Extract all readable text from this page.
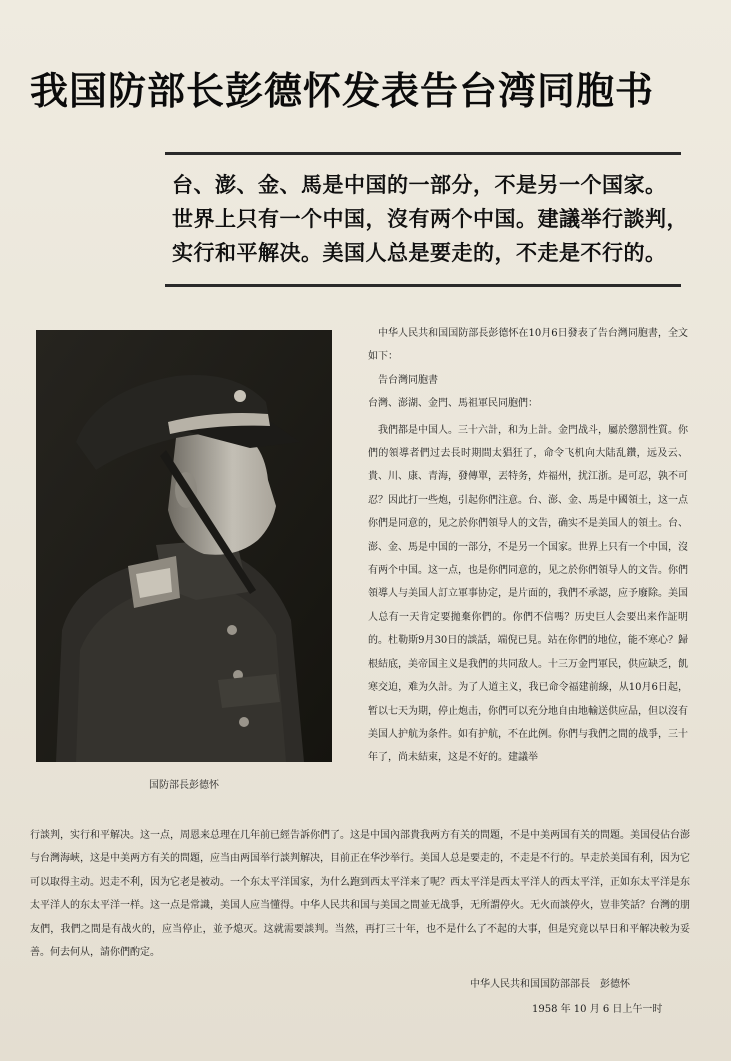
我国防部长彭德怀发表告台湾同胞书
台、澎、金、馬是中国的一部分，不是另一个国家。
世界上只有一个中国，沒有两个中国。建議举行談判，
实行和平解决。美国人总是要走的，不走是不行的。
国防部長彭德怀

中华人民共和国国防部長彭德怀在10月6日發表了告台灣同胞書，全文如下：

告台灣同胞書

台灣、澎湖、金門、馬祖軍民同胞們：

我們都是中国人。三十六計，和为上計。金門战斗，屬於懲罰性質。你們的領導者們过去長时期間太猖狂了，命令飞机向大陆乱鑽，远及云、貴、川、康、青海，發傳單，丟特务，炸福州，扰江浙。是可忍，孰不可忍？因此打一些炮，引起你們注意。台、澎、金、馬是中國領土，这一点你們是同意的，见之於你們領导人的文告，确实不是美国人的領土。台、澎、金、馬是中国的一部分，不是另一个国家。世界上只有一个中国，沒有两个中国。这一点，也是你們同意的，见之於你們領导人的文告。你們領導人与美国人訂立軍事协定，是片面的，我們不承認，应予廢除。美国人总有一天肯定要拋棄你們的。你們不信嗎？历史巨人会要出来作証明的。杜勒斯9月30日的談話，端倪已見。站在你們的地位，能不寒心？歸根結底，美帝国主义是我們的共同敌人。十三万金門軍民，供应缺乏，飢寒交迫，难为久計。为了人道主义，我已命令福建前線，从10月6日起，暂以七天为期，停止炮击，你們可以充分地自由地輸送供应品，但以沒有美国人护航为条件。如有护航，不在此例。你們与我們之間的战爭，三十年了，尚未結束，这是不好的。建議举

行談判，实行和平解决。这一点，周恩来总理在几年前已經告訴你們了。这是中国內部貴我两方有关的問題，不是中美两国有关的問題。美国侵佔台澎与台灣海峽，这是中美两方有关的問題，应当由两国举行談判解决，目前正在华沙举行。美国人总是要走的，不走是不行的。早走於美国有利，因为它可以取得主动。迟走不利，因为它老是被动。一个东太平洋国家，为什么跑到西太平洋来了呢？西太平洋是西太平洋人的西太平洋，正如东太平洋是东太平洋人的东太平洋一样。这一点是常識，美国人应当懂得。中华人民共和国与美国之間並无战爭，无所謂停火。无火而談停火，豈非笑話？台灣的朋友們，我們之間是有战火的，应当停止，並予熄灭。这就需要談判。当然，再打三十年，也不是什么了不起的大事，但是究竟以早日和平解决較为妥善。何去何从，請你們酌定。
中华人民共和国国防部部長　彭德怀
1958 年 10 月 6 日上午一时
